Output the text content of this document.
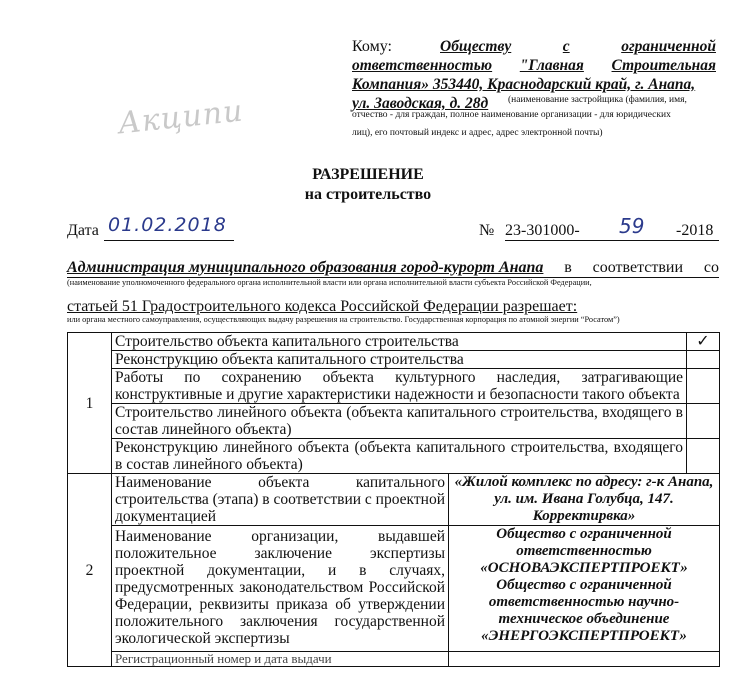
Кому:	Обществу	с	ограниченной
ответственностью "Главная Строительная
Компания» 353440, Краснодарский край, г. Анапа,
ул. Заводская, д. 28д (наименование застройщика (фамилия, имя,
отчество - для граждан, полное наименование организации - для юридических
лиц), его почтовый индекс и адрес, адрес электронной почты)
Акципи
РАЗРЕШЕНИЕ
на строительство
Дата 01.02.2018	№ 23-301000- 59 -2018
Администрация муниципального образования город-курорт Анапа в соответствии со
(наименование уполномоченного федерального органа исполнительной власти или органа исполнительной власти субъекта Российской Федерации,
статьей 51 Градостроительного кодекса Российской Федерации разрешает:
или органа местного самоуправления, осуществляющих выдачу разрешения на строительство. Государственная корпорация по атомной энергии “Росатом”)
1	Строительство объекта капитального строительства		✓
	Реконструкцию объекта капитального строительства		
	Работы по сохранению объекта культурного наследия, затрагивающие конструктивные и другие характеристики надежности и безопасности такого объекта		
	Строительство линейного объекта (объекта капитального строительства, входящего в состав линейного объекта)		
	Реконструкцию линейного объекта (объекта капитального строительства, входящего в состав линейного объекта)		
2	Наименование объекта капитального строительства (этапа) в соответствии с проектной документацией	«Жилой комплекс по адресу: г-к Анапа, ул. им. Ивана Голубца, 147. Корректирвка»	
	Наименование организации, выдавшей положительное заключение экспертизы проектной документации, и в случаях, предусмотренных законодательством Российской Федерации, реквизиты приказа об утверждении положительного заключения государственной экологической экспертизы	Общество с ограниченной ответственностью «ОСНОВАЭКСПЕРТПРОЕКТ»
Общество с ограниченной ответственностью научно-техническое объединение «ЭНЕРГОЭКСПЕРТПРОЕКТ»	

	Регистрационный номер и дата выдачи		
